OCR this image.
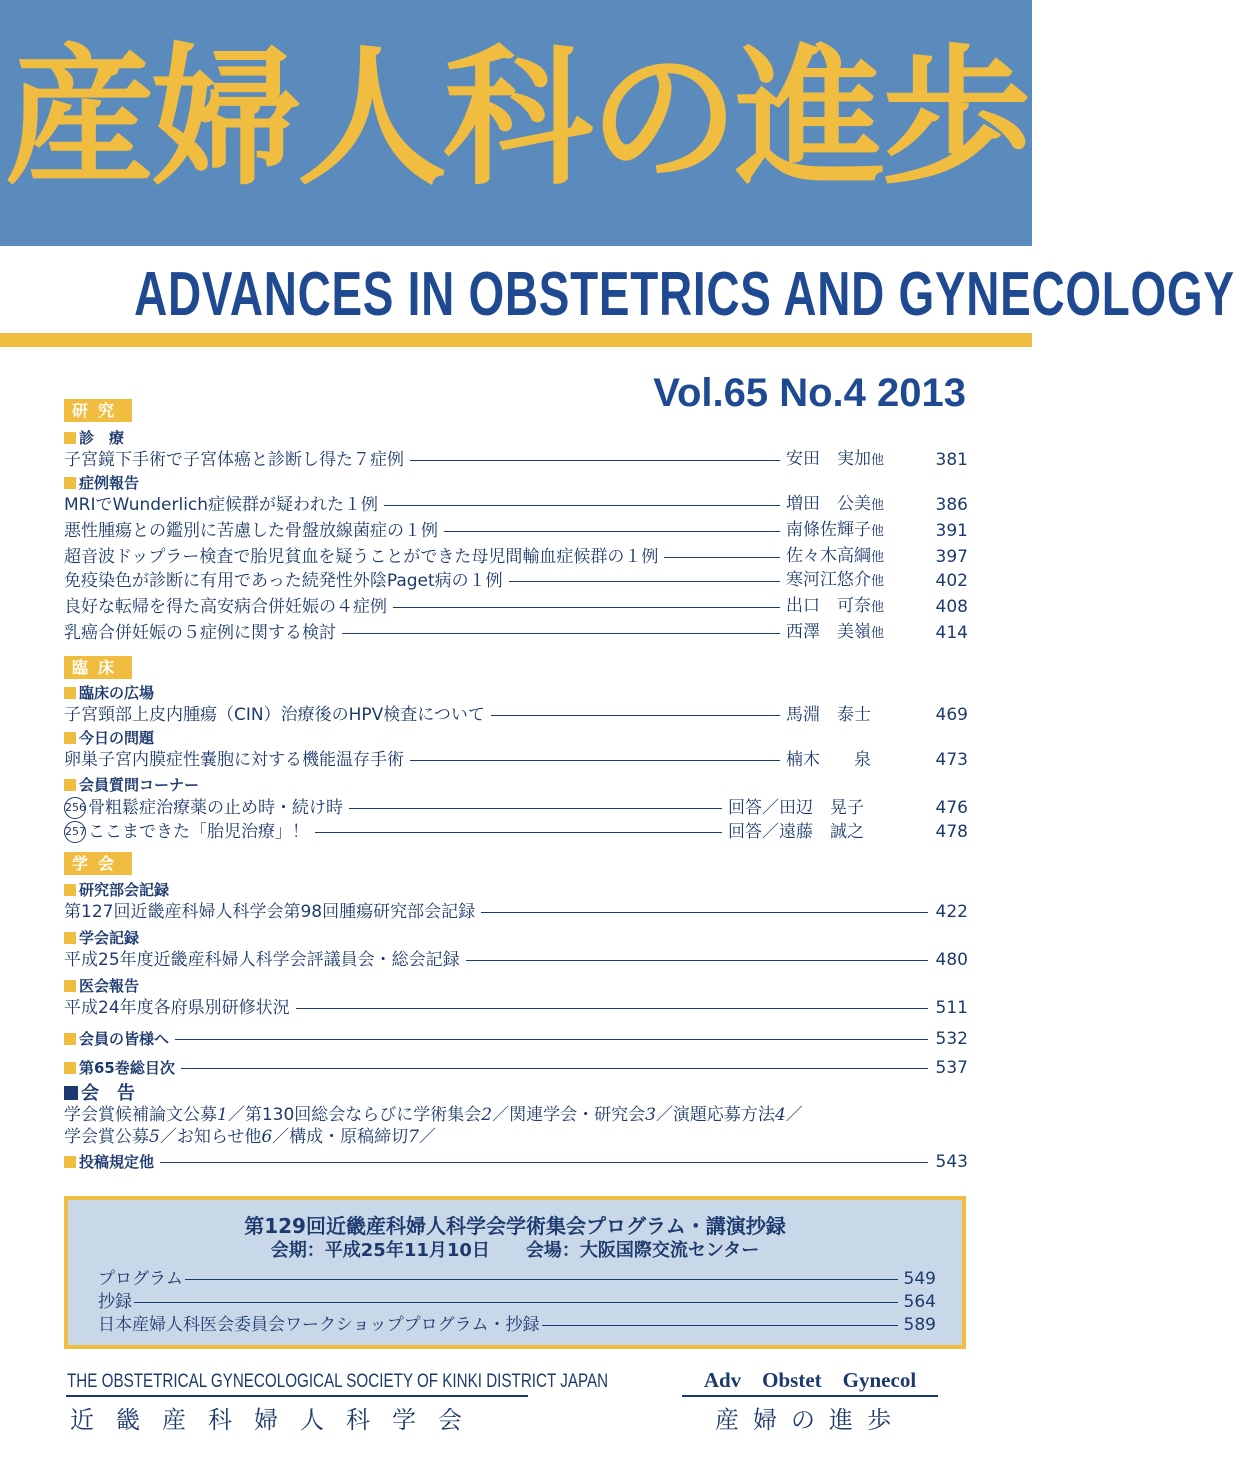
産婦人科の進歩
ADVANCES IN OBSTETRICS AND GYNECOLOGY
Vol.65 No.4 2013
研究
診　療
子宮鏡下手術で子宮体癌と診断し得た７症例	安田　実加他	381
症例報告
MRIでWunderlich症候群が疑われた１例	増田　公美他	386
悪性腫瘍との鑑別に苦慮した骨盤放線菌症の１例	南條佐輝子他	391
超音波ドップラー検査で胎児貧血を疑うことができた母児間輸血症候群の１例	佐々木高綱他	397
免疫染色が診断に有用であった続発性外陰Paget病の１例	寒河江悠介他	402
良好な転帰を得た高安病合併妊娠の４症例	出口　可奈他	408
乳癌合併妊娠の５症例に関する検討	西澤　美嶺他	414
臨床
臨床の広場
子宮頸部上皮内腫瘍（CIN）治療後のHPV検査について	馬淵　泰士	469
今日の問題
卵巣子宮内膜症性嚢胞に対する機能温存手術	楠木　　泉	473
会員質問コーナー
256 骨粗鬆症治療薬の止め時・続け時	回答／田辺　晃子	476
257 ここまできた「胎児治療」！	回答／遠藤　誠之	478
学会
研究部会記録
第127回近畿産科婦人科学会第98回腫瘍研究部会記録	422
学会記録
平成25年度近畿産科婦人科学会評議員会・総会記録	480
医会報告
平成24年度各府県別研修状況	511
会員の皆様へ	532
第65巻総目次	537
会　告
学会賞候補論文公募1／第130回総会ならびに学術集会2／関連学会・研究会3／演題応募方法4／
学会賞公募5／お知らせ他6／構成・原稿締切7／
投稿規定他	543
第129回近畿産科婦人科学会学術集会プログラム・講演抄録
会期：平成25年11月10日　　会場：大阪国際交流センター
プログラム	549
抄録	564
日本産婦人科医会委員会ワークショッププログラム・抄録	589
THE OBSTETRICAL GYNECOLOGICAL SOCIETY OF KINKI DISTRICT JAPAN
近畿産科婦人科学会
Adv　Obstet　Gynecol
産婦の進歩
